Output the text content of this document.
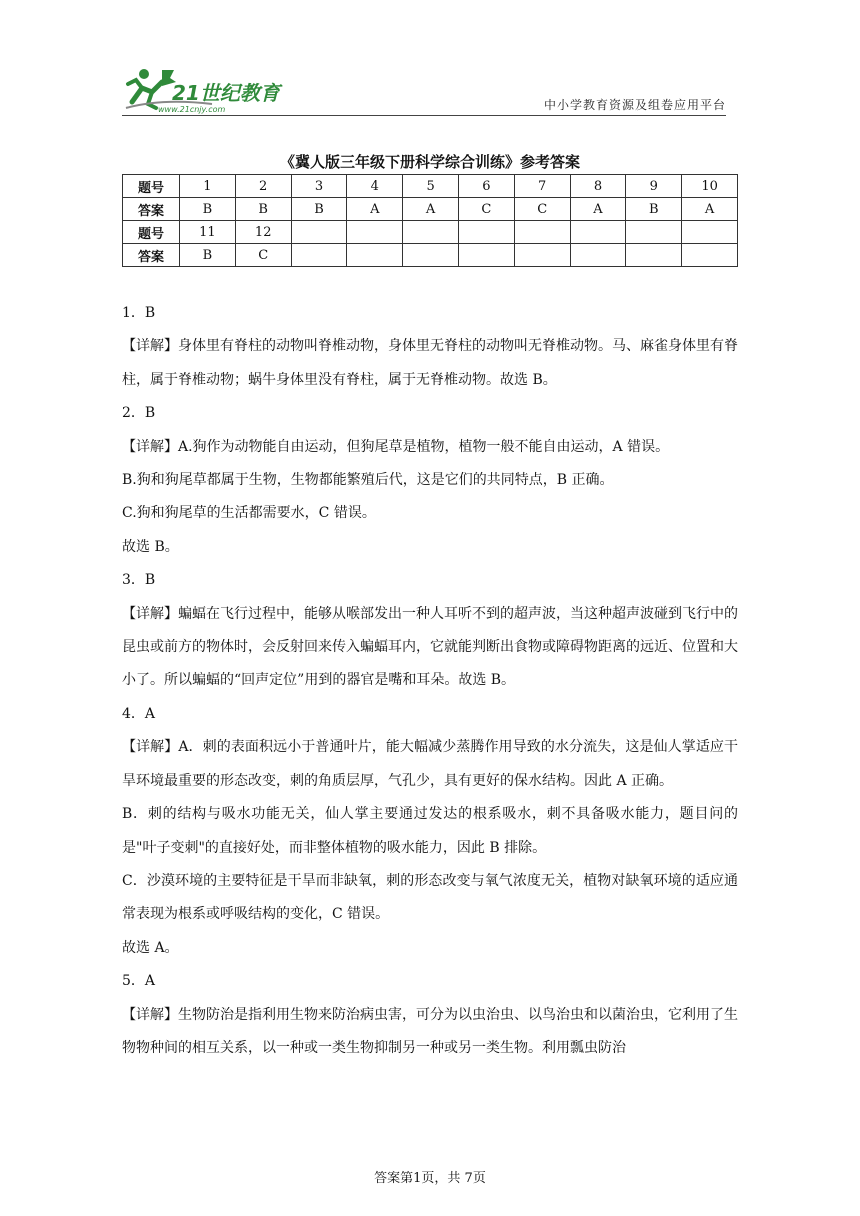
21世纪教育
www.21cnjy.com	中小学教育资源及组卷应用平台
《冀人版三年级下册科学综合训练》参考答案
题号	1	2	3	4	5	6	7	8	9	10
答案	B	B	B	A	A	C	C	A	B	A
题号	11	12								
答案	B	C								

1．B

【详解】身体里有脊柱的动物叫脊椎动物，身体里无脊柱的动物叫无脊椎动物。马、麻雀身体里有脊柱，属于脊椎动物；蜗牛身体里没有脊柱，属于无脊椎动物。故选 B。

2．B

【详解】A.狗作为动物能自由运动，但狗尾草是植物，植物一般不能自由运动，A 错误。

B.狗和狗尾草都属于生物，生物都能繁殖后代，这是它们的共同特点，B 正确。

C.狗和狗尾草的生活都需要水，C 错误。

故选 B。

3．B

【详解】蝙蝠在飞行过程中，能够从喉部发出一种人耳听不到的超声波，当这种超声波碰到飞行中的昆虫或前方的物体时，会反射回来传入蝙蝠耳内，它就能判断出食物或障碍物距离的远近、位置和大小了。所以蝙蝠的“回声定位”用到的器官是嘴和耳朵。故选 B。

4．A

【详解】A．刺的表面积远小于普通叶片，能大幅减少蒸腾作用导致的水分流失，这是仙人掌适应干旱环境最重要的形态改变，刺的角质层厚，气孔少，具有更好的保水结构。因此 A 正确。

B．刺的结构与吸水功能无关，仙人掌主要通过发达的根系吸水，刺不具备吸水能力，题目问的是"叶子变刺"的直接好处，而非整体植物的吸水能力，因此 B 排除。

C．沙漠环境的主要特征是干旱而非缺氧，刺的形态改变与氧气浓度无关，植物对缺氧环境的适应通常表现为根系或呼吸结构的变化，C 错误。

故选 A。

5．A

【详解】生物防治是指利用生物来防治病虫害，可分为以虫治虫、以鸟治虫和以菌治虫，它利用了生物物种间的相互关系，以一种或一类生物抑制另一种或另一类生物。利用瓢虫防治

答案第1页，共 7页
